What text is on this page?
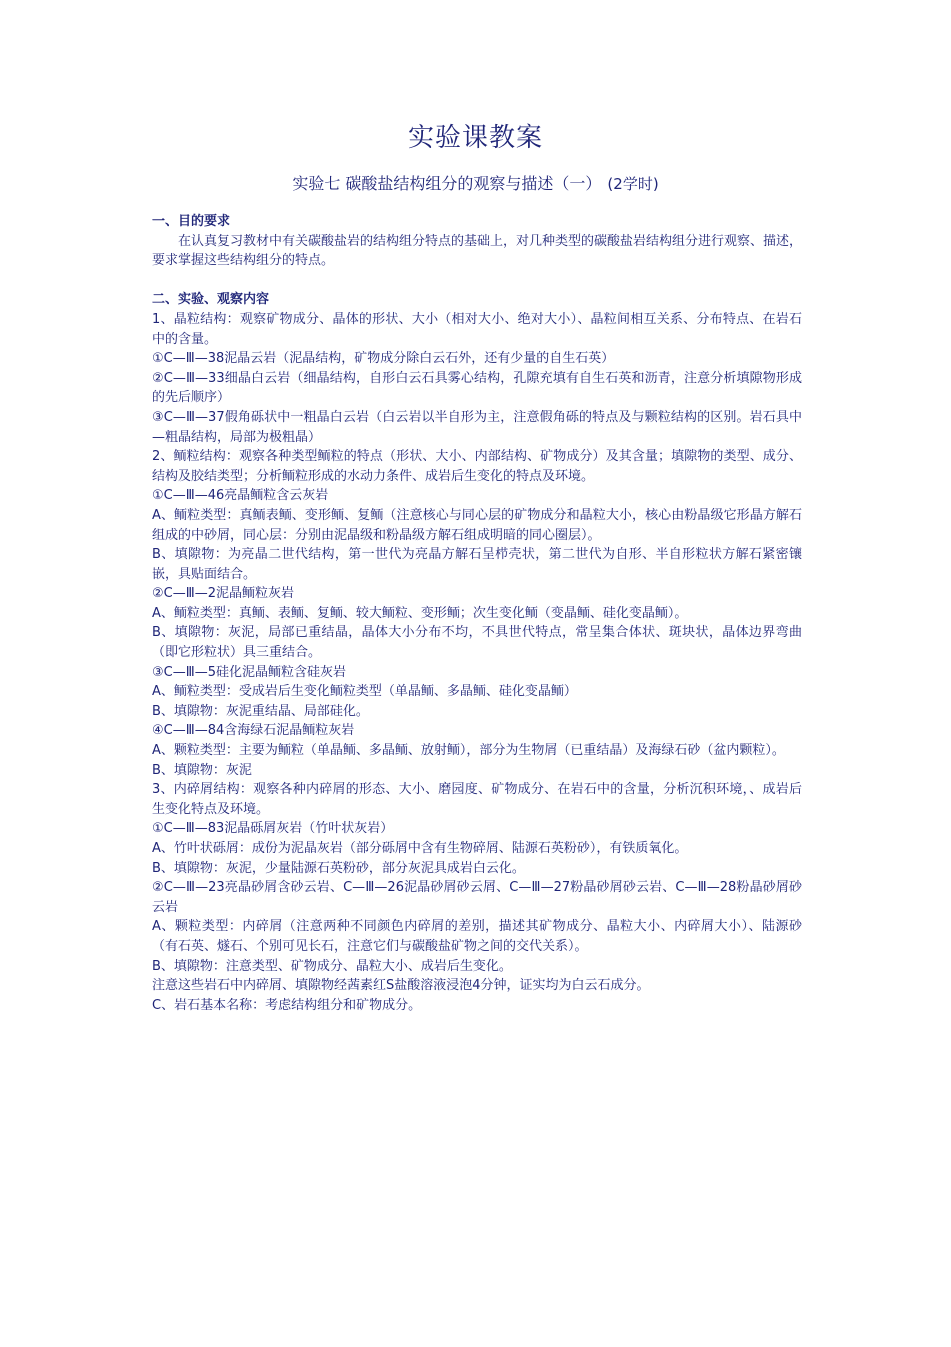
实验课教案
实验七 碳酸盐结构组分的观察与描述（一） (2学时)

一、目的要求

在认真复习教材中有关碳酸盐岩的结构组分特点的基础上，对几种类型的碳酸盐岩结构组分进行观察、描述，要求掌握这些结构组分的特点。

二、实验、观察内容

1、晶粒结构：观察矿物成分、晶体的形状、大小（相对大小、绝对大小）、晶粒间相互关系、分布特点、在岩石中的含量。

①C—Ⅲ—38泥晶云岩（泥晶结构，矿物成分除白云石外，还有少量的自生石英）

②C—Ⅲ—33细晶白云岩（细晶结构，自形白云石具雾心结构，孔隙充填有自生石英和沥青，注意分析填隙物形成的先后顺序）

③C—Ⅲ—37假角砾状中一粗晶白云岩（白云岩以半自形为主，注意假角砾的特点及与颗粒结构的区别。岩石具中—粗晶结构，局部为极粗晶）

2、鲕粒结构：观察各种类型鲕粒的特点（形状、大小、内部结构、矿物成分）及其含量；填隙物的类型、成分、结构及胶结类型；分析鲕粒形成的水动力条件、成岩后生变化的特点及环境。

①C—Ⅲ—46亮晶鲕粒含云灰岩

A、鲕粒类型：真鲕表鲕、变形鲕、复鲕（注意核心与同心层的矿物成分和晶粒大小，核心由粉晶级它形晶方解石组成的中砂屑，同心层：分别由泥晶级和粉晶级方解石组成明暗的同心圈层）。

B、填隙物：为亮晶二世代结构，第一世代为亮晶方解石呈栉壳状，第二世代为自形、半自形粒状方解石紧密镶嵌，具贴面结合。

②C—Ⅲ—2泥晶鲕粒灰岩

A、鲕粒类型：真鲕、表鲕、复鲕、较大鲕粒、变形鲕；次生变化鲕（变晶鲕、硅化变晶鲕）。

B、填隙物：灰泥，局部已重结晶，晶体大小分布不均，不具世代特点，常呈集合体状、斑块状，晶体边界弯曲（即它形粒状）具三重结合。

③C—Ⅲ—5硅化泥晶鲕粒含硅灰岩

A、鲕粒类型：受成岩后生变化鲕粒类型（单晶鲕、多晶鲕、硅化变晶鲕）

B、填隙物：灰泥重结晶、局部硅化。

④C—Ⅲ—84含海绿石泥晶鲕粒灰岩

A、颗粒类型：主要为鲕粒（单晶鲕、多晶鲕、放射鲕），部分为生物屑（已重结晶）及海绿石砂（盆内颗粒）。

B、填隙物：灰泥

3、内碎屑结构：观察各种内碎屑的形态、大小、磨园度、矿物成分、在岩石中的含量，分析沉积环境，、成岩后生变化特点及环境。

①C—Ⅲ—83泥晶砾屑灰岩（竹叶状灰岩）

A、竹叶状砾屑：成份为泥晶灰岩（部分砾屑中含有生物碎屑、陆源石英粉砂），有铁质氧化。

B、填隙物：灰泥，少量陆源石英粉砂，部分灰泥具成岩白云化。

②C—Ⅲ—23亮晶砂屑含砂云岩、C—Ⅲ—26泥晶砂屑砂云屑、C—Ⅲ—27粉晶砂屑砂云岩、C—Ⅲ—28粉晶砂屑砂云岩

A、颗粒类型：内碎屑（注意两种不同颜色内碎屑的差别，描述其矿物成分、晶粒大小、内碎屑大小）、陆源砂（有石英、燧石、个别可见长石，注意它们与碳酸盐矿物之间的交代关系）。

B、填隙物：注意类型、矿物成分、晶粒大小、成岩后生变化。

注意这些岩石中内碎屑、填隙物经茜素红S盐酸溶液浸泡4分钟，证实均为白云石成分。

C、岩石基本名称：考虑结构组分和矿物成分。
